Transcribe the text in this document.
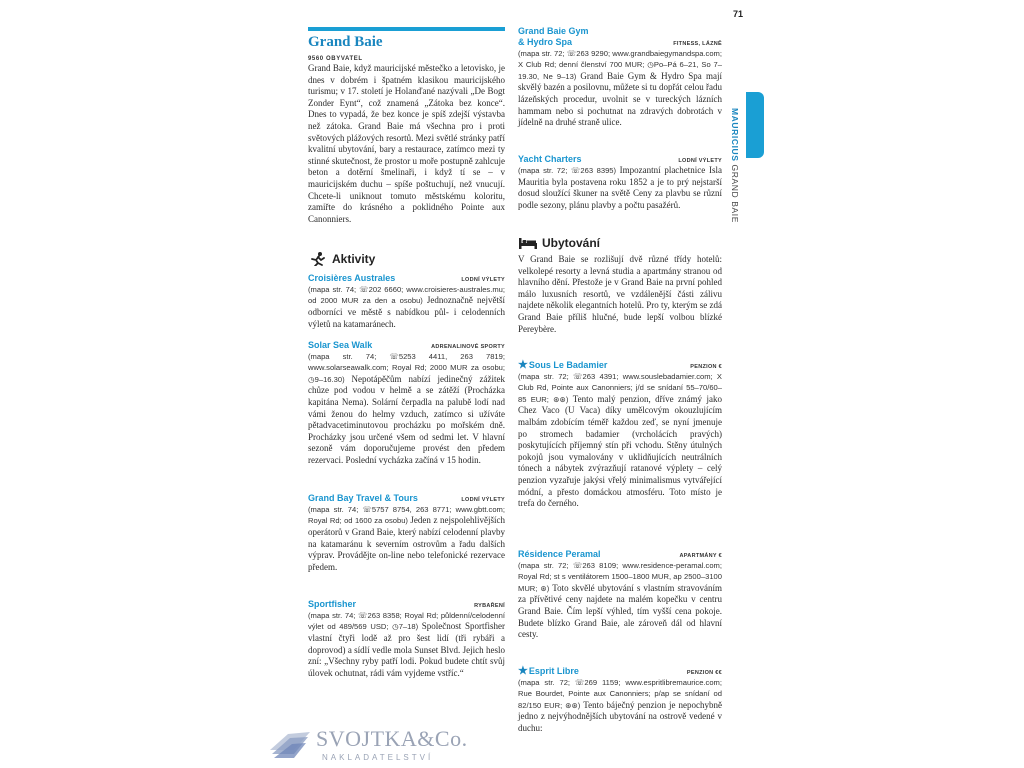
71
MAURICIUS GRAND BAIE
Grand Baie
9560 OBYVATEL

Grand Baie, když mauricijské městečko a letovisko, je dnes v dobrém i špatném klasikou mauricijského turismu; v 17. století je Holanďané nazývali „De Bogt Zonder Eynt“, což znamená „Zátoka bez konce“. Dnes to vypadá, že bez konce je spíš zdejší výstavba než zátoka. Grand Baie má všechna pro i proti světových plážových resortů. Mezi světlé stránky patří kvalitní ubytování, bary a restaurace, zatímco mezi ty stinné skutečnost, že prostor u moře postupně zahlcuje beton a dotěrní šmelinaři, i když tí se – v mauricijském duchu – spíše poštuchují, než vnucují. Chcete-li uniknout tomuto městskému koloritu, zamiřte do krásného a poklidného Pointe aux Canonniers.

Aktivity
Croisières Australes	LODNÍ VÝLETY

(mapa str. 74; ☏202 6660; www.croisieres-australes.mu; od 2000 MUR za den a osobu) Jednoznačně největší odborníci ve městě s nabídkou půl- i celodenních výletů na katamaránech.

Solar Sea Walk	ADRENALINOVÉ SPORTY

(mapa str. 74; ☏5253 4411, 263 7819; www.solarseawalk.com; Royal Rd; 2000 MUR za osobu; ◷9–16.30) Nepotápěčům nabízí jedinečný zážitek chůze pod vodou v helmě a se zátěží (Procházka kapitána Nema). Solární čerpadla na palubě lodí nad vámi ženou do helmy vzduch, zatímco si užíváte pětadvacetiminutovou procházku po mořském dně. Procházky jsou určené všem od sedmi let. V hlavní sezoně vám doporučujeme provést den předem rezervaci. Poslední vycházka začíná v 15 hodin.

Grand Bay Travel & Tours	LODNÍ VÝLETY

(mapa str. 74; ☏5757 8754, 263 8771; www.gbtt.com; Royal Rd; od 1600 za osobu) Jeden z nejspolehlivějších operátorů v Grand Baie, který nabízí celodenní plavby na katamaránu k severním ostrovům a řadu dalších výprav. Provádějte on-line nebo telefonické rezervace předem.

Sportfisher	RYBAŘENÍ

(mapa str. 74; ☏263 8358; Royal Rd; půldenní/celodenní výlet od 489/569 USD; ◷7–18) Společnost Sportfisher vlastní čtyři lodě až pro šest lidí (tři rybáři a doprovod) a sídlí vedle mola Sunset Blvd. Jejich heslo zní: „Všechny ryby patří lodi. Pokud budete chtít svůj úlovek ochutnat, rádi vám vyjdeme vstříc.“

Grand Baie Gym
& Hydro Spa	FITNESS, LÁZNĚ

(mapa str. 72; ☏263 9290; www.grandbaiegymandspa.com; X Club Rd; denní členství 700 MUR; ◷Po–Pá 6–21, So 7–19.30, Ne 9–13) Grand Baie Gym & Hydro Spa mají skvělý bazén a posilovnu, můžete si tu dopřát celou řadu lázeňských procedur, uvolnit se v tureckých lázních hammam nebo si pochutnat na zdravých dobrotách v jídelně na druhé straně ulice.

Yacht Charters	LODNÍ VÝLETY

(mapa str. 72; ☏263 8395) Impozantní plachetnice Isla Mauritia byla postavena roku 1852 a je to prý nejstarší dosud sloužící škuner na světě Ceny za plavbu se různí podle sezony, plánu plavby a počtu pasažérů.

Ubytování

V Grand Baie se rozlišují dvě různé třídy hotelů: velkolepé resorty a levná studia a apartmány stranou od hlavního dění. Přestože je v Grand Baie na první pohled málo luxusních resortů, ve vzdálenější části zálivu najdete několik elegantních hotelů. Pro ty, kterým se zdá Grand Baie příliš hlučné, bude lepší volbou blízké Pereybère.

★Sous Le Badamier	PENZION €

(mapa str. 72; ☏263 4391; www.souslebadamier.com; X Club Rd, Pointe aux Canonniers; j/d se snídaní 55–70/60–85 EUR; ⊛⊛) Tento malý penzion, dříve známý jako Chez Vaco (U Vaca) díky umělcovým okouzlujícím malbám zdobícím téměř každou zeď, se nyní jmenuje po stromech badamier (vrcholácích pravých) poskytujících příjemný stín při vchodu. Stěny útulných pokojů jsou vymalovány v uklidňujících neutrálních tónech a nábytek zvýrazňují ratanové výplety – celý penzion vyzařuje jakýsi vřelý minimalismus vytvářející módní, a přesto domáckou atmosféru. Toto místo je trefa do černého.

Résidence Peramal	APARTMÁNY €

(mapa str. 72; ☏263 8109; www.residence-peramal.com; Royal Rd; st s ventilátorem 1500–1800 MUR, ap 2500–3100 MUR; ⊛) Toto skvělé ubytování s vlastním stravováním za přívětivé ceny najdete na malém kopečku v centru Grand Baie. Čím lepší výhled, tím vyšší cena pokoje. Budete blízko Grand Baie, ale zároveň dál od hlavní cesty.

★Esprit Libre	PENZION €€

(mapa str. 72; ☏269 1159; www.espritlibremaurice.com; Rue Bourdet, Pointe aux Canonniers; p/ap se snídaní od 82/150 EUR; ⊛⊛) Tento báječný penzion je nepochybně jedno z nejvýhodnějších ubytování na ostrově vedené v duchu:

SVOJTKA&Co.
NAKLADATELSTVÍ
